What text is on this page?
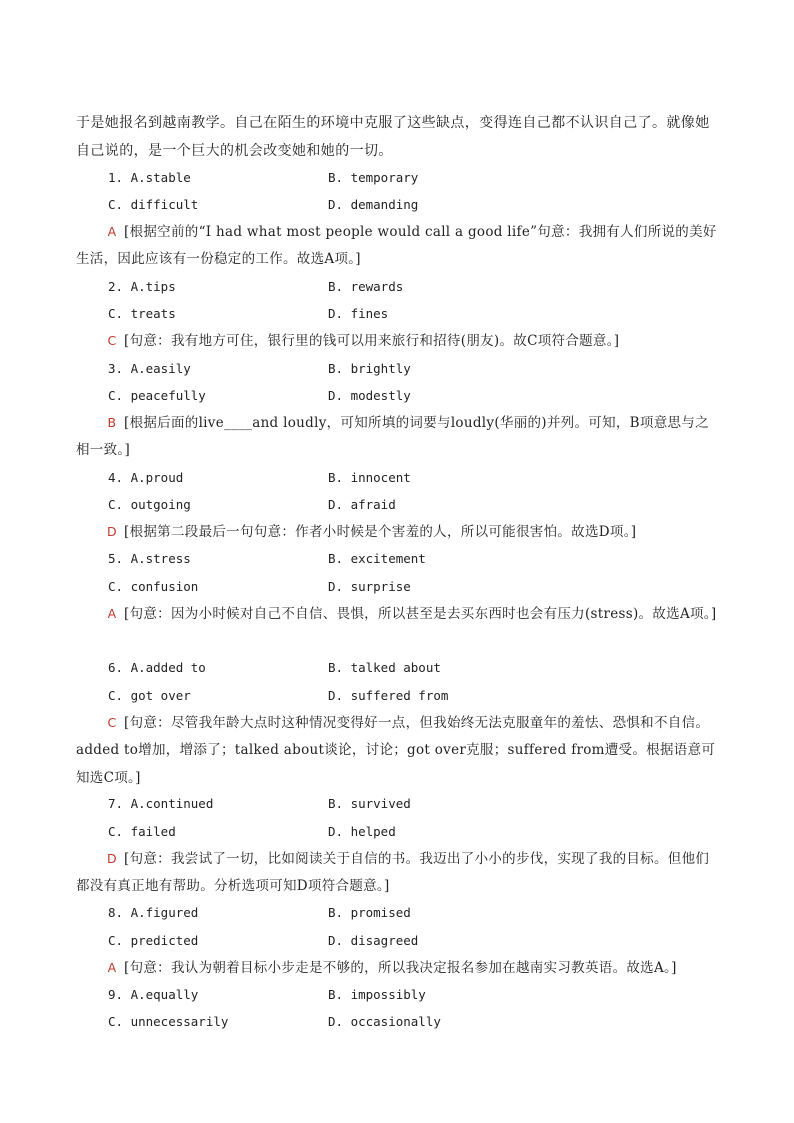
于是她报名到越南教学。自己在陌生的环境中克服了这些缺点，变得连自己都不认识自己了。就像她自己说的，是一个巨大的机会改变她和她的一切。
1. A.stable	B. temporary
C. difficult	D. demanding
A [根据空前的“I had what most people would call a good life”句意：我拥有人们所说的美好生活，因此应该有一份稳定的工作。故选A项。]
2. A.tips	B. rewards
C. treats	D. fines
C [句意：我有地方可住，银行里的钱可以用来旅行和招待(朋友)。故C项符合题意。]
3. A.easily	B. brightly
C. peacefully	D. modestly
B [根据后面的live____and loudly，可知所填的词要与loudly(华丽的)并列。可知，B项意思与之相一致。]
4. A.proud	B. innocent
C. outgoing	D. afraid
D [根据第二段最后一句句意：作者小时候是个害羞的人，所以可能很害怕。故选D项。]
5. A.stress	B. excitement
C. confusion	D. surprise
A [句意：因为小时候对自己不自信、畏惧，所以甚至是去买东西时也会有压力(stress)。故选A项。]
6. A.added to	B. talked about
C. got over	D. suffered from
C [句意：尽管我年龄大点时这种情况变得好一点，但我始终无法克服童年的羞怯、恐惧和不自信。added to增加，增添了；talked about谈论，讨论；got over克服；suffered from遭受。根据语意可知选C项。]
7. A.continued	B. survived
C. failed	D. helped
D [句意：我尝试了一切，比如阅读关于自信的书。我迈出了小小的步伐，实现了我的目标。但他们都没有真正地有帮助。分析选项可知D项符合题意。]
8. A.figured	B. promised
C. predicted	D. disagreed
A [句意：我认为朝着目标小步走是不够的，所以我决定报名参加在越南实习教英语。故选A。]
9. A.equally	B. impossibly
C. unnecessarily	D. occasionally
